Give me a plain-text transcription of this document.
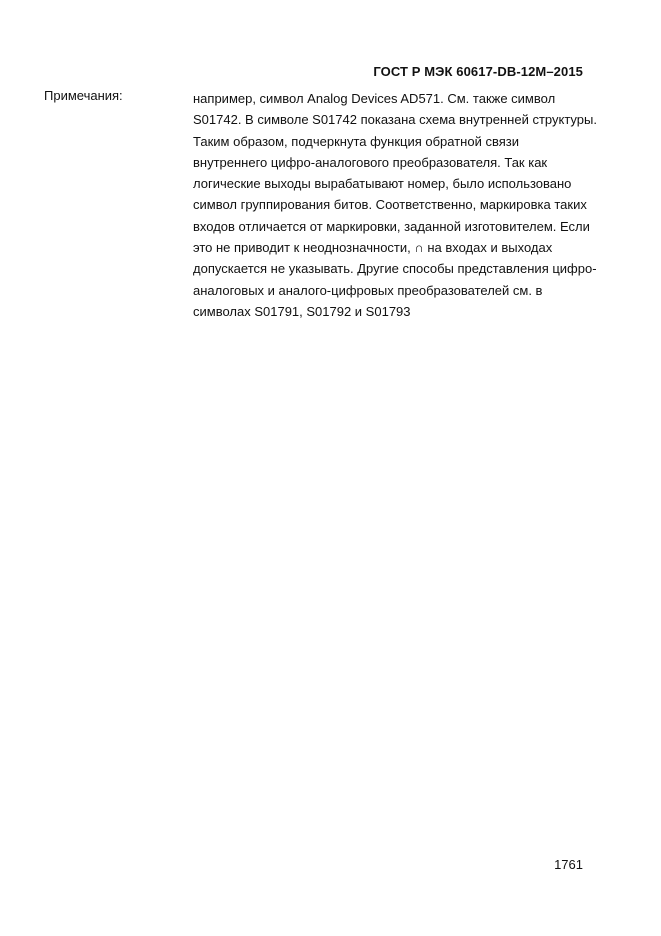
ГОСТ Р МЭК 60617-DB-12M–2015
Примечания:	например, символ Analog Devices AD571. См. также символ
S01742. В символе S01742 показана схема внутренней структуры.
Таким образом, подчеркнута функция обратной связи
внутреннего цифро-аналогового преобразователя. Так как
логические выходы вырабатывают номер, было использовано
символ группирования битов. Соответственно, маркировка таких
входов отличается от маркировки, заданной изготовителем. Если
это не приводит к неоднозначности, ∩ на входах и выходах
допускается не указывать. Другие способы представления цифро-
аналоговых и аналого-цифровых преобразователей см. в
символах S01791, S01792 и S01793
1761
